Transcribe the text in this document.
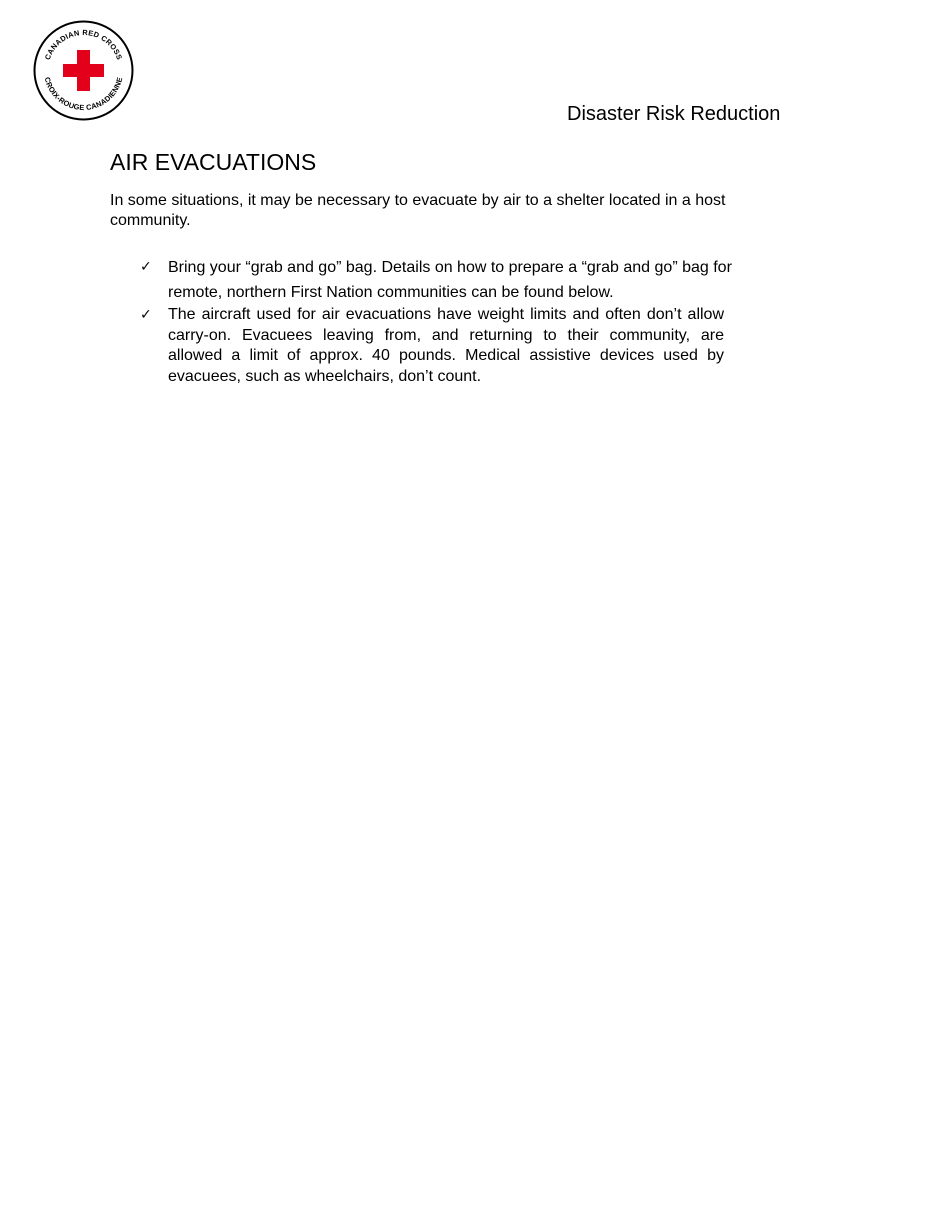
CANADIAN RED CROSS
CROIX-ROUGE CANADIENNE
Disaster Risk Reduction
AIR EVACUATIONS

In some situations, it may be necessary to evacuate by air to a shelter located in a host community.

✓ Bring your “grab and go” bag. Details on how to prepare a “grab and go” bag for remote, northern First Nation communities can be found below.
✓ The aircraft used for air evacuations have weight limits and often don’t allow carry-on. Evacuees leaving from, and returning to their community, are allowed a limit of approx. 40 pounds. Medical assistive devices used by evacuees, such as wheelchairs, don’t count.
